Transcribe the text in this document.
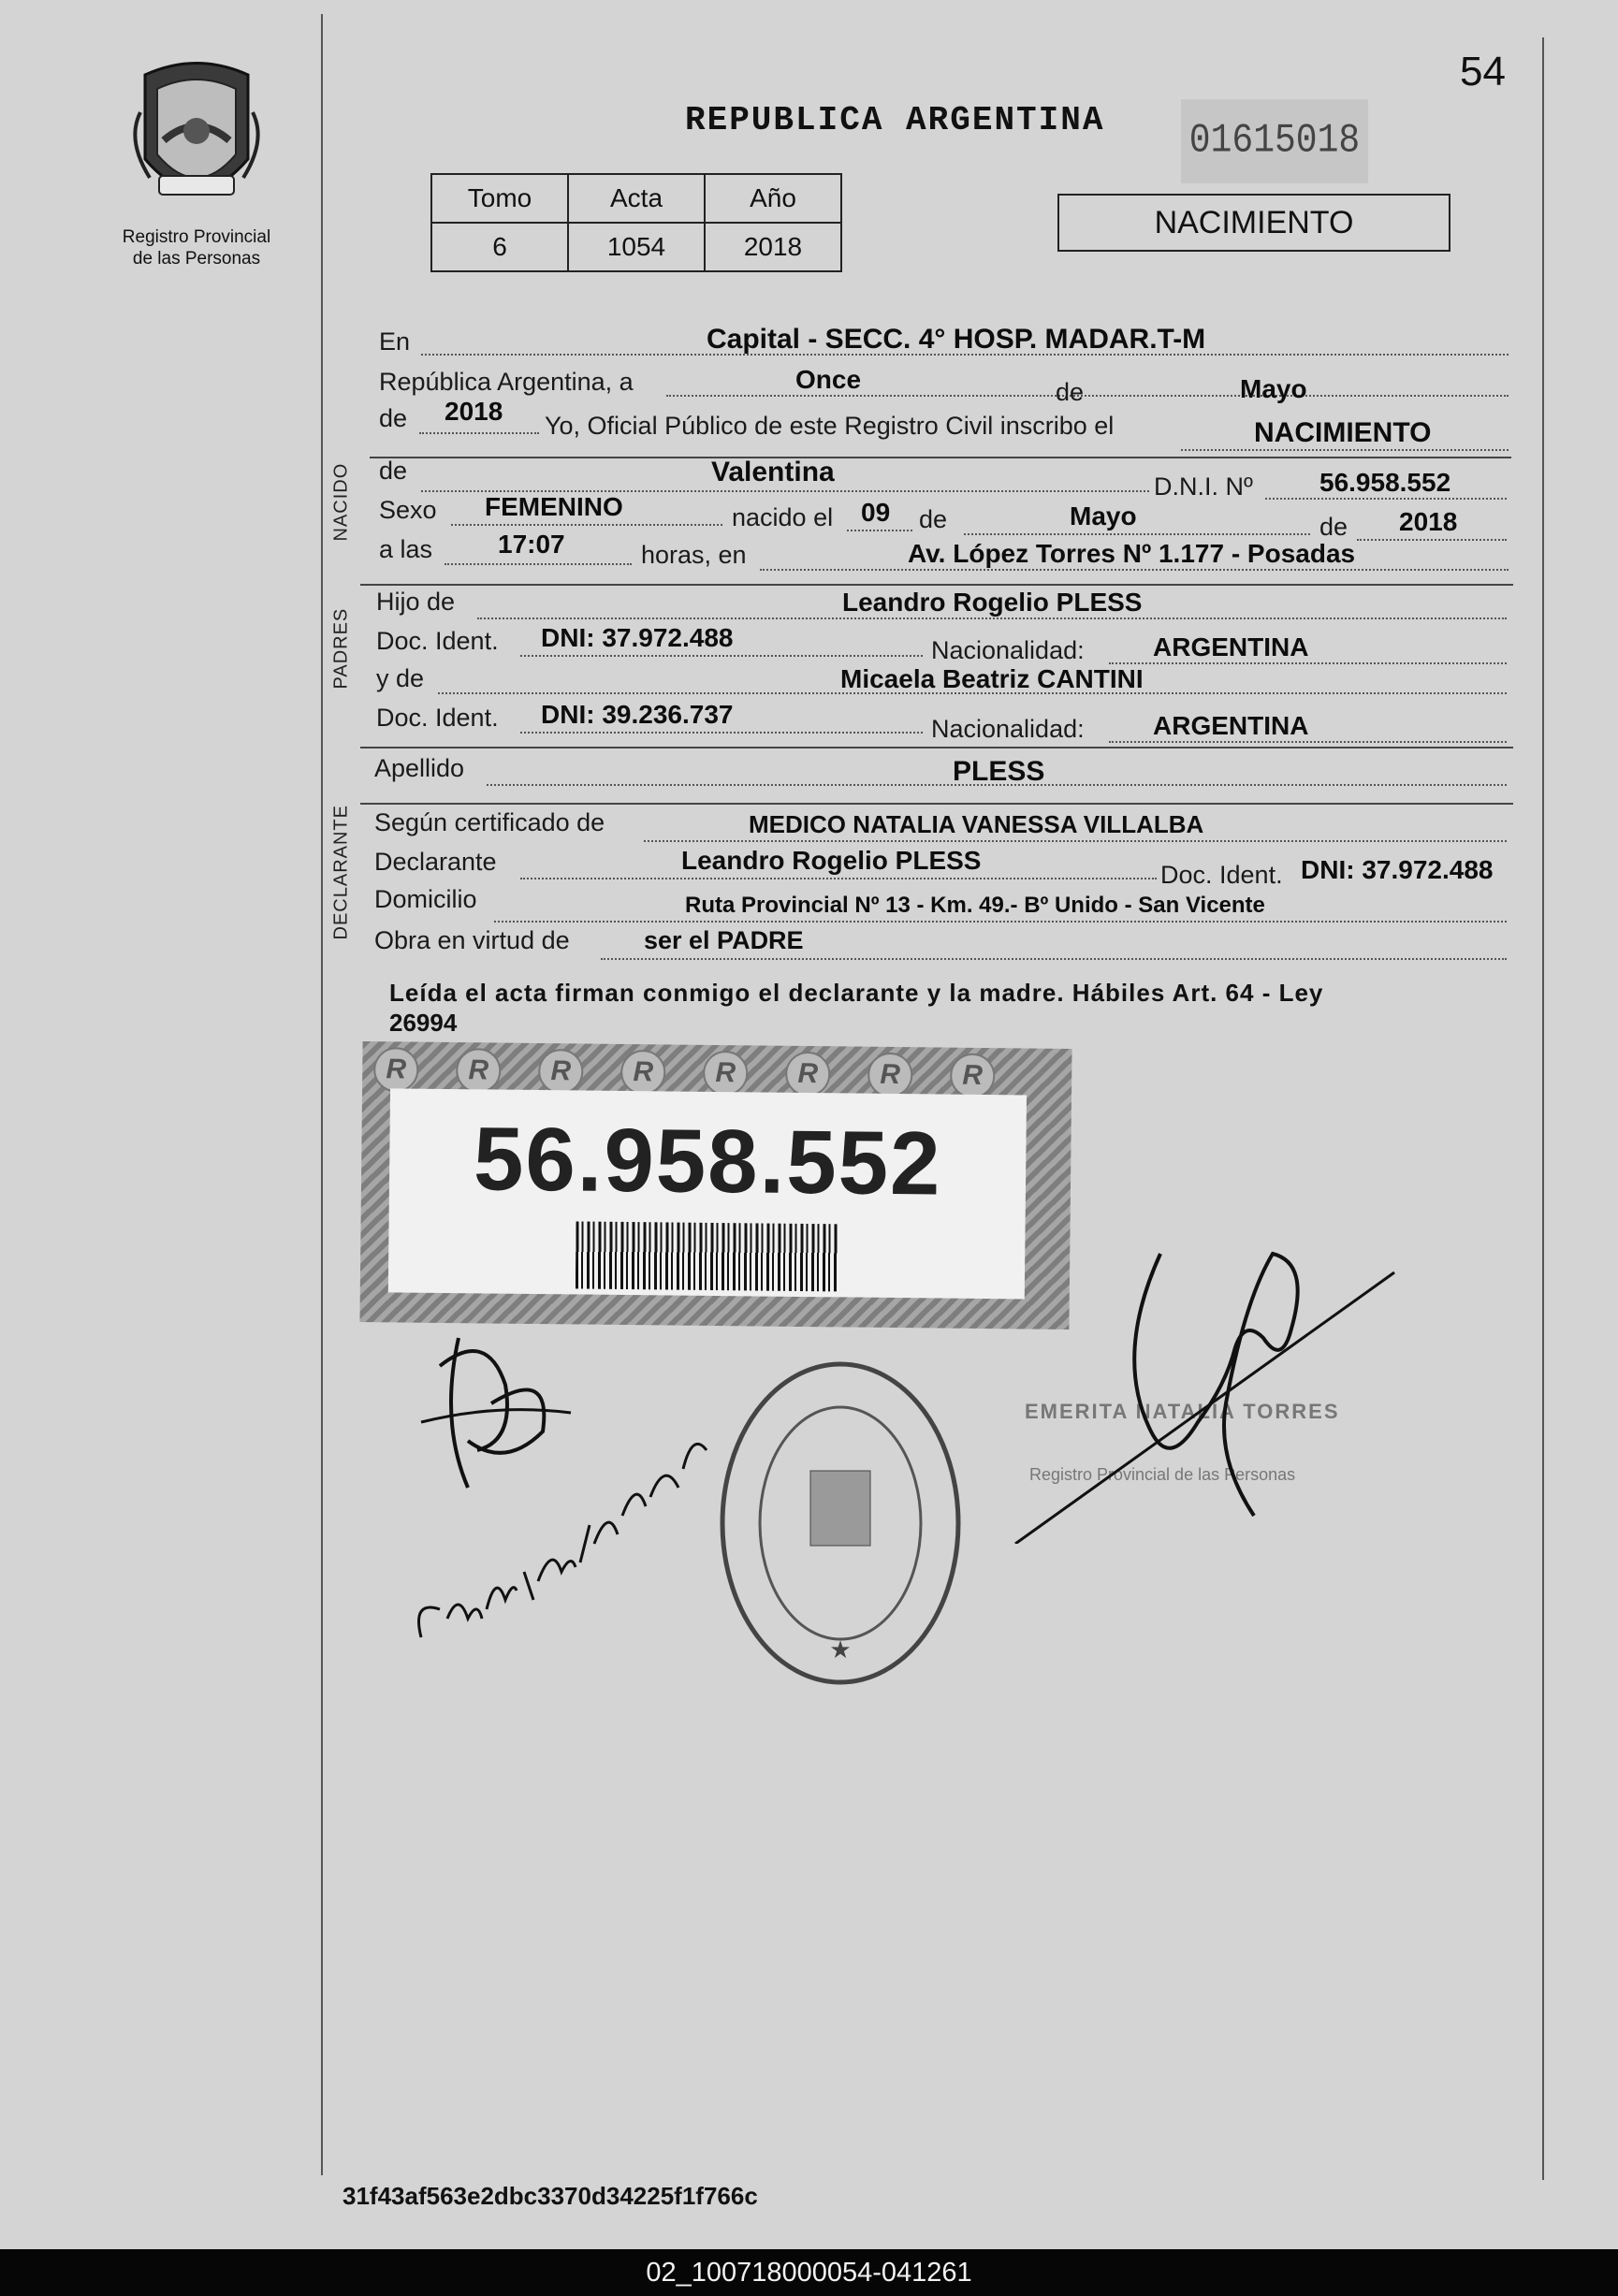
Registro Provincial
de las Personas
54
REPUBLICA ARGENTINA 01615018
Tomo	Acta	Año
6	1054	2018
NACIMIENTO
En	Capital - SECC. 4° HOSP. MADAR.T-M
República Argentina, a	Once	de	Mayo
de 2018 Yo, Oficial Público de este Registro Civil inscribo el	NACIMIENTO
NACIDO de	Valentina	D.N.I. Nº	56.958.552
Sexo FEMENINO	nacido el 09 de	Mayo	de 2018
a las 17:07	horas, en	Av. López Torres Nº 1.177 - Posadas
PADRES
Hijo de	Leandro Rogelio PLESS
Doc. Ident. DNI: 37.972.488	Nacionalidad:	ARGENTINA
y de	Micaela Beatriz CANTINI
Doc. Ident. DNI: 39.236.737	Nacionalidad:	ARGENTINA
Apellido	PLESS
DECLARANTE Según certificado de	MEDICO NATALIA VANESSA VILLALBA
Declarante	Leandro Rogelio PLESS	Doc. Ident. DNI: 37.972.488
Domicilio	Ruta Provincial Nº 13 - Km. 49.- Bº Unido - San Vicente
Obra en virtud de	ser el PADRE
Leída el acta firman conmigo el declarante y la madre. Hábiles Art. 64 - Ley
26994
R	R	R	R	R	R	R	R
56.958.552
★
EMERITA NATALIA TORRES
Registro Provincial de las Personas
31f43af563e2dbc3370d34225f1f766c
02_100718000054-041261
